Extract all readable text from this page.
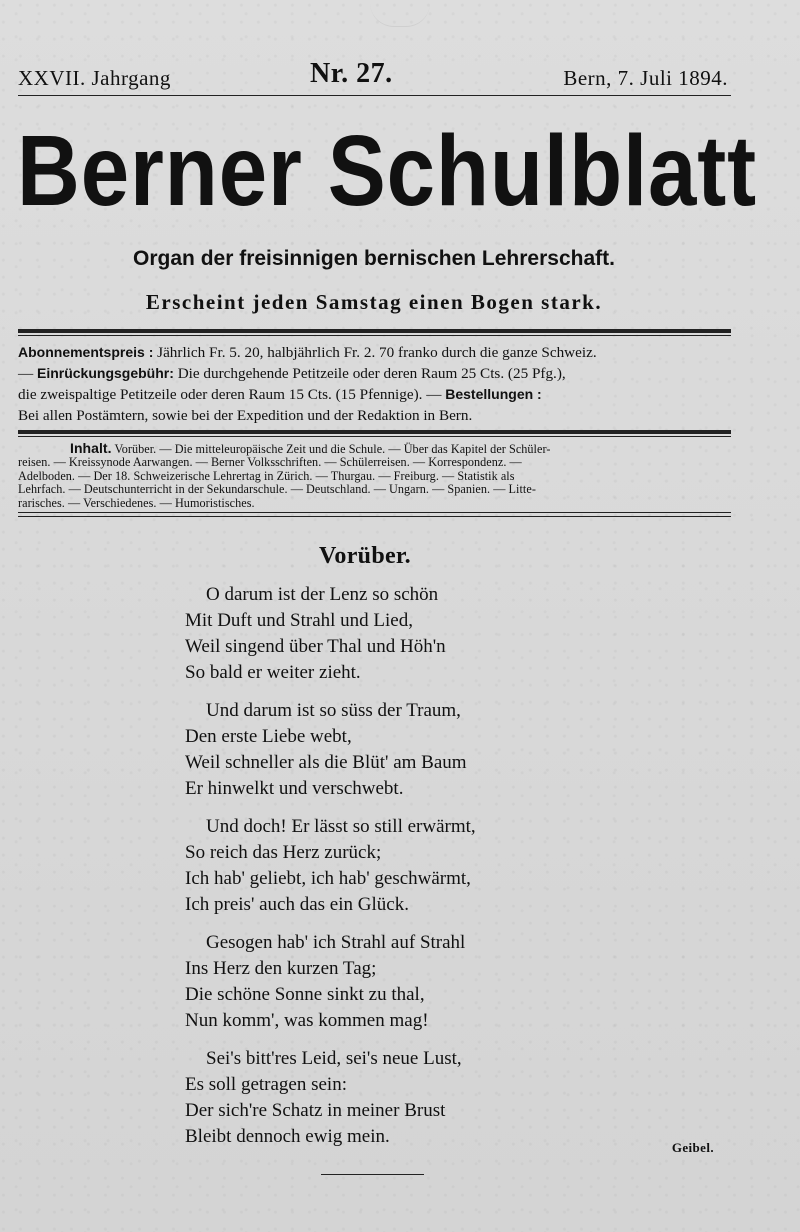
XXVII. Jahrgang	Nr. 27.	Bern, 7. Juli 1894.
Berner Schulblatt
Organ der freisinnigen bernischen Lehrerschaft.
Erscheint jeden Samstag einen Bogen stark.
Abonnementspreis : Jährlich Fr. 5. 20, halbjährlich Fr. 2. 70 franko durch die ganze Schweiz.
— Einrückungsgebühr: Die durchgehende Petitzeile oder deren Raum 25 Cts. (25 Pfg.),
die zweispaltige Petitzeile oder deren Raum 15 Cts. (15 Pfennige). — Bestellungen :
Bei allen Postämtern, sowie bei der Expedition und der Redaktion in Bern.
Inhalt. Vorüber. — Die mitteleuropäische Zeit und die Schule. — Über das Kapitel der Schüler-
reisen. — Kreissynode Aarwangen. — Berner Volksschriften. — Schülerreisen. — Korrespondenz. —
Adelboden. — Der 18. Schweizerische Lehrertag in Zürich. — Thurgau. — Freiburg. — Statistik als
Lehrfach. — Deutschunterricht in der Sekundarschule. — Deutschland. — Ungarn. — Spanien. — Litte-
rarisches. — Verschiedenes. — Humoristisches.
Vorüber.
O darum ist der Lenz so schön
Mit Duft und Strahl und Lied,
Weil singend über Thal und Höh'n
So bald er weiter zieht.
Und darum ist so süss der Traum,
Den erste Liebe webt,
Weil schneller als die Blüt' am Baum
Er hinwelkt und verschwebt.
Und doch! Er lässt so still erwärmt,
So reich das Herz zurück;
Ich hab' geliebt, ich hab' geschwärmt,
Ich preis' auch das ein Glück.
Gesogen hab' ich Strahl auf Strahl
Ins Herz den kurzen Tag;
Die schöne Sonne sinkt zu thal,
Nun komm', was kommen mag!
Sei's bitt'res Leid, sei's neue Lust,
Es soll getragen sein:
Der sich're Schatz in meiner Brust
Bleibt dennoch ewig mein.
Geibel.
